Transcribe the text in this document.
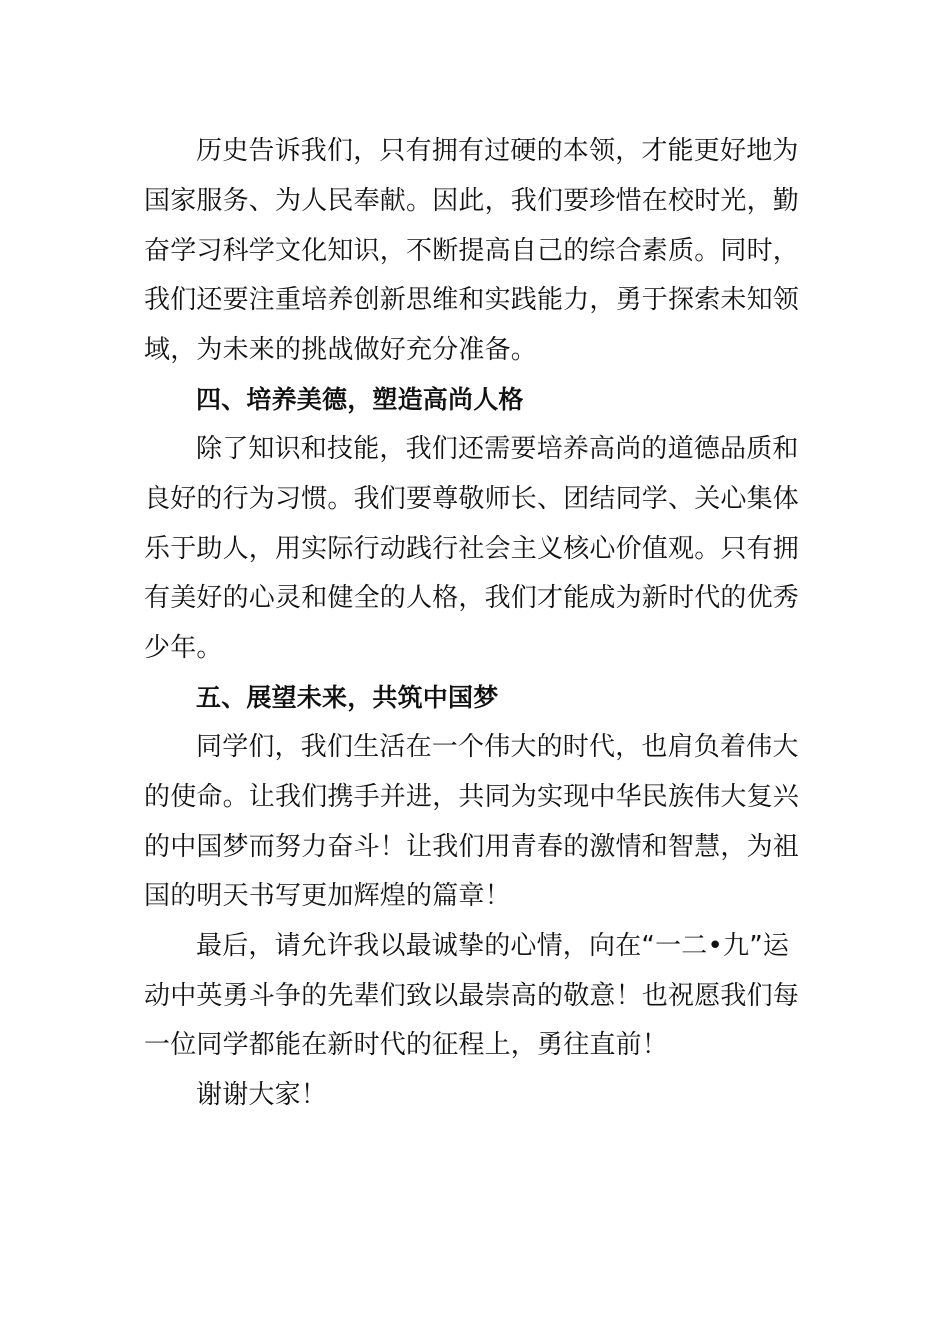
历史告诉我们，只有拥有过硬的本领，才能更好地为
国家服务、为人民奉献。因此，我们要珍惜在校时光，勤
奋学习科学文化知识，不断提高自己的综合素质。同时，
我们还要注重培养创新思维和实践能力，勇于探索未知领
域，为未来的挑战做好充分准备。
四、培养美德，塑造高尚人格
除了知识和技能，我们还需要培养高尚的道德品质和
良好的行为习惯。我们要尊敬师长、团结同学、关心集体
乐于助人，用实际行动践行社会主义核心价值观。只有拥
有美好的心灵和健全的人格，我们才能成为新时代的优秀
少年。
五、展望未来，共筑中国梦
同学们，我们生活在一个伟大的时代，也肩负着伟大
的使命。让我们携手并进，共同为实现中华民族伟大复兴
的中国梦而努力奋斗！让我们用青春的激情和智慧，为祖
国的明天书写更加辉煌的篇章！
最后，请允许我以最诚挚的心情，向在“一二•九”运
动中英勇斗争的先辈们致以最崇高的敬意！也祝愿我们每
一位同学都能在新时代的征程上，勇往直前！
谢谢大家！
